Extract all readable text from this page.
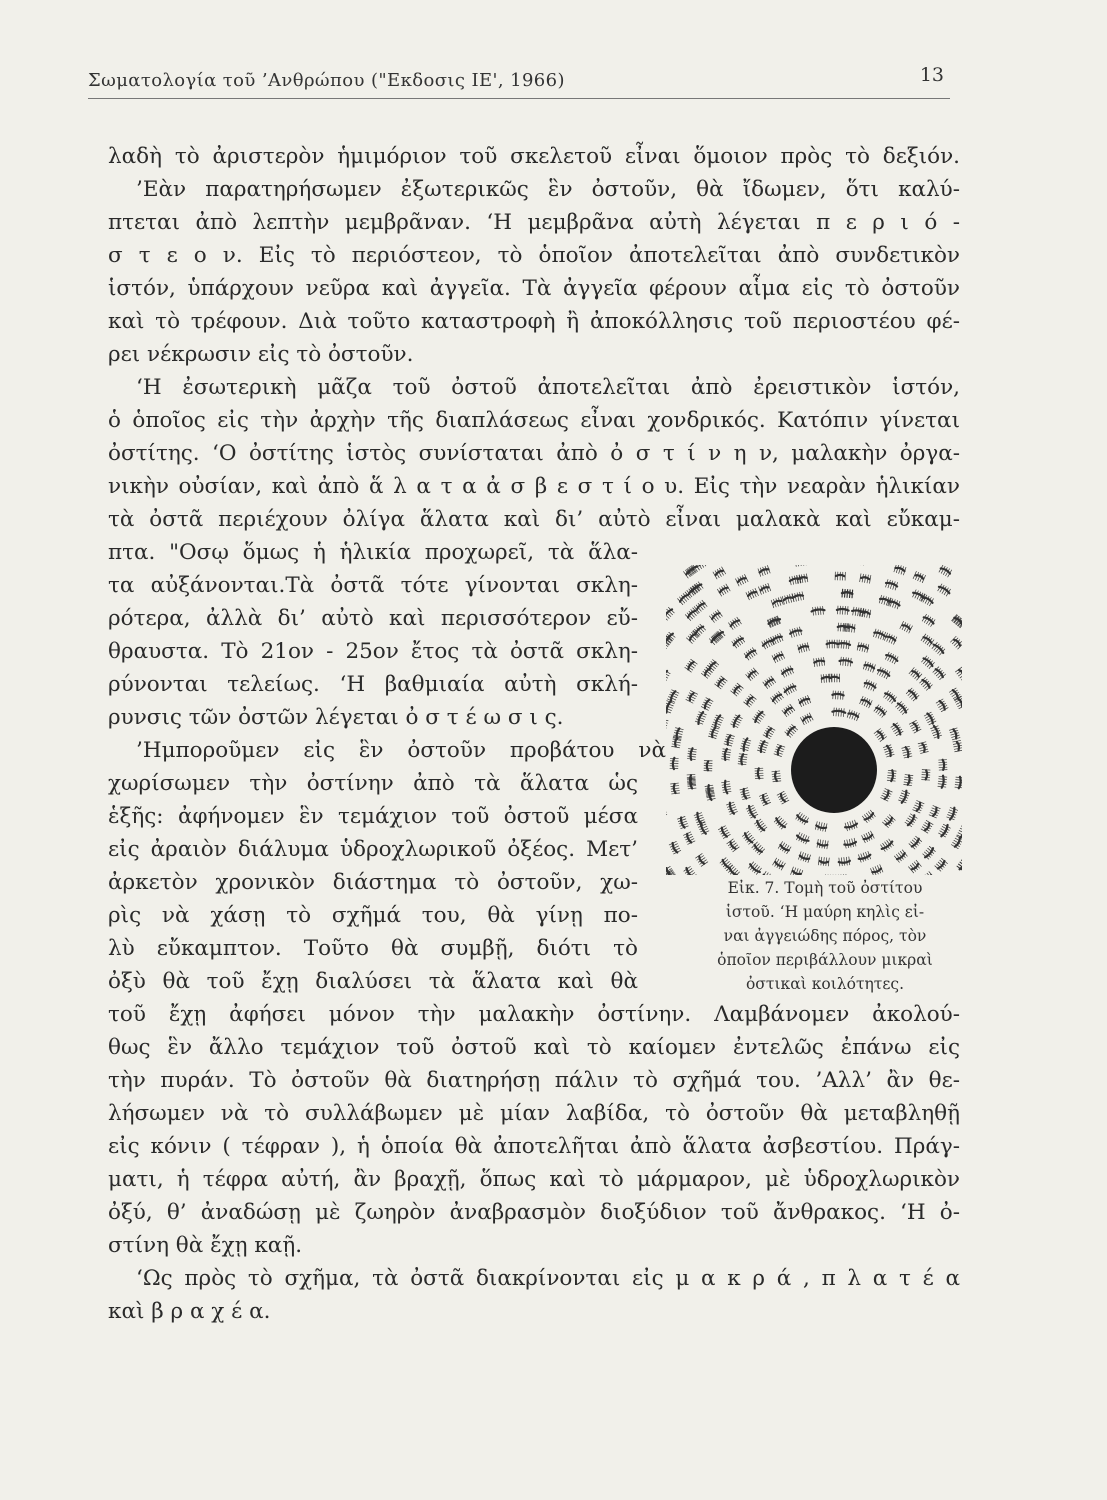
Σωματολογία τοῦ ’Ανθρώπου ("Εκδοσις ΙΕ', 1966)	13
λαδὴ τὸ ἀριστερὸν ἡμιμόριον τοῦ σκελετοῦ εἶναι ὅμοιον πρὸς τὸ δεξιόν.
’Εὰν παρατηρήσωμεν ἐξωτερικῶς ἓν ὀστοῦν, θὰ ἴδωμεν, ὅτι καλύ-
πτεται ἀπὸ λεπτὴν μεμβρᾶναν. ‘Η μεμβρᾶνα αὐτὴ λέγεται π ε ρ ι ό -
σ τ ε ο ν. Εἰς τὸ περιόστεον, τὸ ὁποῖον ἀποτελεῖται ἀπὸ συνδετικὸν
ἱστόν, ὑπάρχουν νεῦρα καὶ ἀγγεῖα. Τὰ ἀγγεῖα φέρουν αἷμα εἰς τὸ ὀστοῦν
καὶ τὸ τρέφουν. Διὰ τοῦτο καταστροφὴ ἢ ἀποκόλλησις τοῦ περιοστέου φέ-
ρει νέκρωσιν εἰς τὸ ὀστοῦν.
‘Η ἐσωτερικὴ μᾶζα τοῦ ὀστοῦ ἀποτελεῖται ἀπὸ ἐρειστικὸν ἱστόν,
ὁ ὁποῖος εἰς τὴν ἀρχὴν τῆς διαπλάσεως εἶναι χονδρικός. Κατόπιν γίνεται
ὀστίτης. ‘Ο ὀστίτης ἱστὸς συνίσταται ἀπὸ ὀ σ τ ί ν η ν, μαλακὴν ὀργα-
νικὴν οὐσίαν, καὶ ἀπὸ ἅ λ α τ α ἀ σ β ε σ τ ί ο υ. Εἰς τὴν νεαρὰν ἡλικίαν
τὰ ὀστᾶ περιέχουν ὀλίγα ἅλατα καὶ δι’ αὐτὸ εἶναι μαλακὰ καὶ εὔκαμ-
πτα. "Οσῳ ὅμως ἡ ἡλικία προχωρεῖ, τὰ ἅλα-
τα αὐξάνονται.Τὰ ὀστᾶ τότε γίνονται σκλη-
ρότερα, ἀλλὰ δι’ αὐτὸ καὶ περισσότερον εὔ-
θραυστα. Τὸ 21ον - 25ον ἔτος τὰ ὀστᾶ σκλη-
ρύνονται τελείως. ‘Η βαθμιαία αὐτὴ σκλή-
ρυνσις τῶν ὀστῶν λέγεται ὀ σ τ έ ω σ ι ς.
’Ημποροῦμεν εἰς ἓν ὀστοῦν προβάτου νὰ
χωρίσωμεν τὴν ὀστίνην ἀπὸ τὰ ἅλατα ὡς
ἑξῆς: ἀφήνομεν ἓν τεμάχιον τοῦ ὀστοῦ μέσα
εἰς ἀραιὸν διάλυμα ὑδροχλωρικοῦ ὀξέος. Μετ’
ἀρκετὸν χρονικὸν διάστημα τὸ ὀστοῦν, χω-
ρὶς νὰ χάσῃ τὸ σχῆμά του, θὰ γίνῃ πο-
λὺ εὔκαμπτον. Τοῦτο θὰ συμβῇ, διότι τὸ
ὀξὺ θὰ τοῦ ἔχῃ διαλύσει τὰ ἅλατα καὶ θὰ
τοῦ ἔχῃ ἀφήσει μόνον τὴν μαλακὴν ὀστίνην. Λαμβάνομεν ἀκολού-
θως ἓν ἄλλο τεμάχιον τοῦ ὀστοῦ καὶ τὸ καίομεν ἐντελῶς ἐπάνω εἰς
τὴν πυράν. Τὸ ὀστοῦν θὰ διατηρήσῃ πάλιν τὸ σχῆμά του. ’Αλλ’ ἂν θε-
λήσωμεν νὰ τὸ συλλάβωμεν μὲ μίαν λαβίδα, τὸ ὀστοῦν θὰ μεταβληθῇ
εἰς κόνιν ( τέφραν ), ἡ ὁποία θὰ ἀποτελῆται ἀπὸ ἅλατα ἀσβεστίου. Πράγ-
ματι, ἡ τέφρα αὐτή, ἂν βραχῇ, ὅπως καὶ τὸ μάρμαρον, μὲ ὑδροχλωρικὸν
ὀξύ, θ’ ἀναδώσῃ μὲ ζωηρὸν ἀναβρασμὸν διοξύδιον τοῦ ἄνθρακος. ‘Η ὀ-
στίνη θὰ ἔχῃ καῇ.
‘Ως πρὸς τὸ σχῆμα, τὰ ὀστᾶ διακρίνονται εἰς μ α κ ρ ά , π λ α τ έ α
καὶ β ρ α χ έ α.
Εἰκ. 7. Τομὴ τοῦ ὀστίτου
ἱστοῦ. ‘Η μαύρη κηλὶς εἰ-
ναι ἀγγειώδης πόρος, τὸν
ὁποῖον περιβάλλουν μικραὶ
ὀστικαὶ κοιλότητες.
